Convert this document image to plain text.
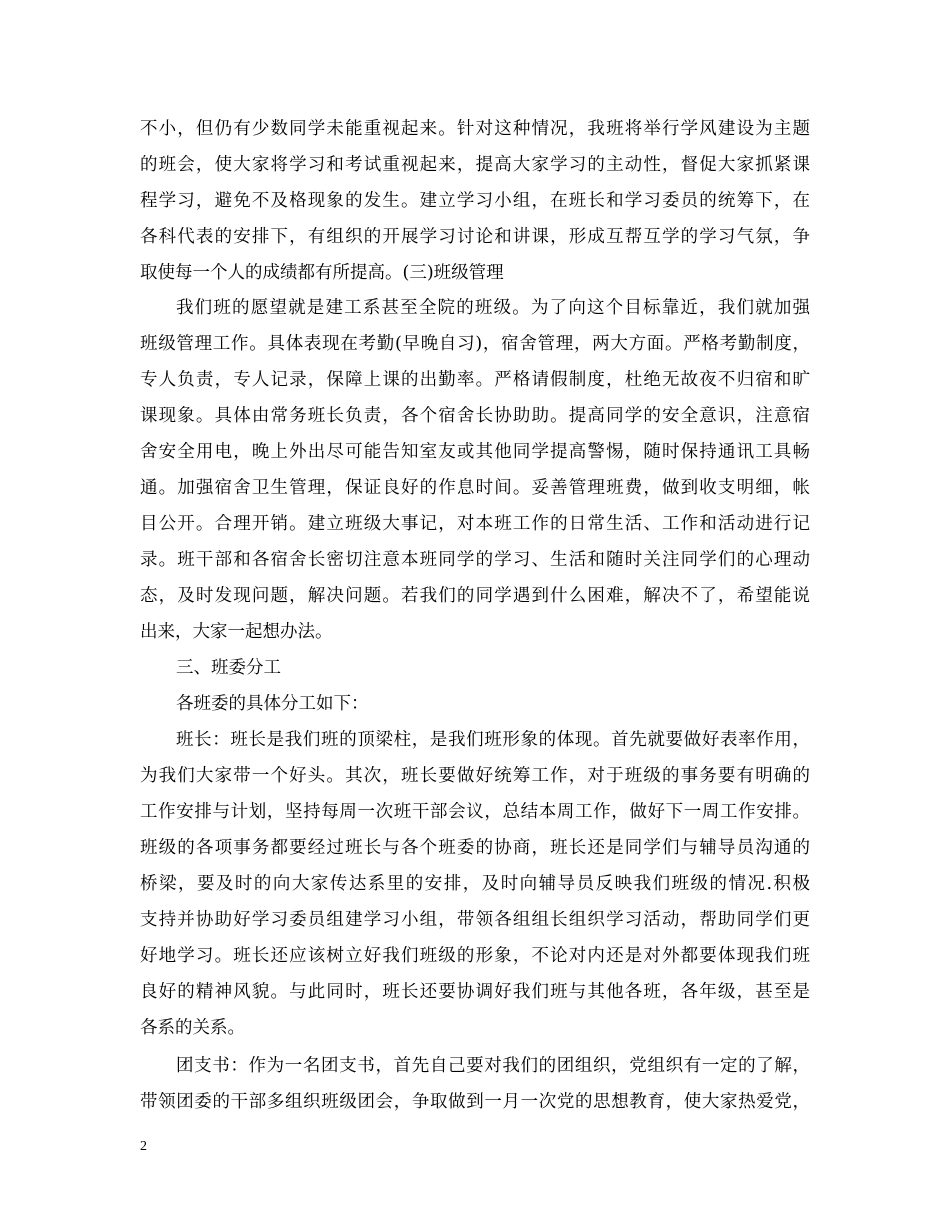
不小，但仍有少数同学未能重视起来。针对这种情况，我班将举行学风建设为主题
的班会，使大家将学习和考试重视起来，提高大家学习的主动性，督促大家抓紧课
程学习，避免不及格现象的发生。建立学习小组，在班长和学习委员的统筹下，在
各科代表的安排下，有组织的开展学习讨论和讲课，形成互帮互学的学习气氛，争
取使每一个人的成绩都有所提高。(三)班级管理
我们班的愿望就是建工系甚至全院的班级。为了向这个目标靠近，我们就加强
班级管理工作。具体表现在考勤(早晚自习)，宿舍管理，两大方面。严格考勤制度，
专人负责，专人记录，保障上课的出勤率。严格请假制度，杜绝无故夜不归宿和旷
课现象。具体由常务班长负责，各个宿舍长协助助。提高同学的安全意识，注意宿
舍安全用电，晚上外出尽可能告知室友或其他同学提高警惕，随时保持通讯工具畅
通。加强宿舍卫生管理，保证良好的作息时间。妥善管理班费，做到收支明细，帐
目公开。合理开销。建立班级大事记，对本班工作的日常生活、工作和活动进行记
录。班干部和各宿舍长密切注意本班同学的学习、生活和随时关注同学们的心理动
态，及时发现问题，解决问题。若我们的同学遇到什么困难，解决不了，希望能说
出来，大家一起想办法。
三、班委分工
各班委的具体分工如下：
班长：班长是我们班的顶梁柱，是我们班形象的体现。首先就要做好表率作用，
为我们大家带一个好头。其次，班长要做好统筹工作，对于班级的事务要有明确的
工作安排与计划，坚持每周一次班干部会议，总结本周工作，做好下一周工作安排。
班级的各项事务都要经过班长与各个班委的协商，班长还是同学们与辅导员沟通的
桥梁，要及时的向大家传达系里的安排，及时向辅导员反映我们班级的情况.积极
支持并协助好学习委员组建学习小组，带领各组组长组织学习活动，帮助同学们更
好地学习。班长还应该树立好我们班级的形象，不论对内还是对外都要体现我们班
良好的精神风貌。与此同时，班长还要协调好我们班与其他各班，各年级，甚至是
各系的关系。
团支书：作为一名团支书，首先自己要对我们的团组织，党组织有一定的了解，
带领团委的干部多组织班级团会，争取做到一月一次党的思想教育，使大家热爱党，
2
